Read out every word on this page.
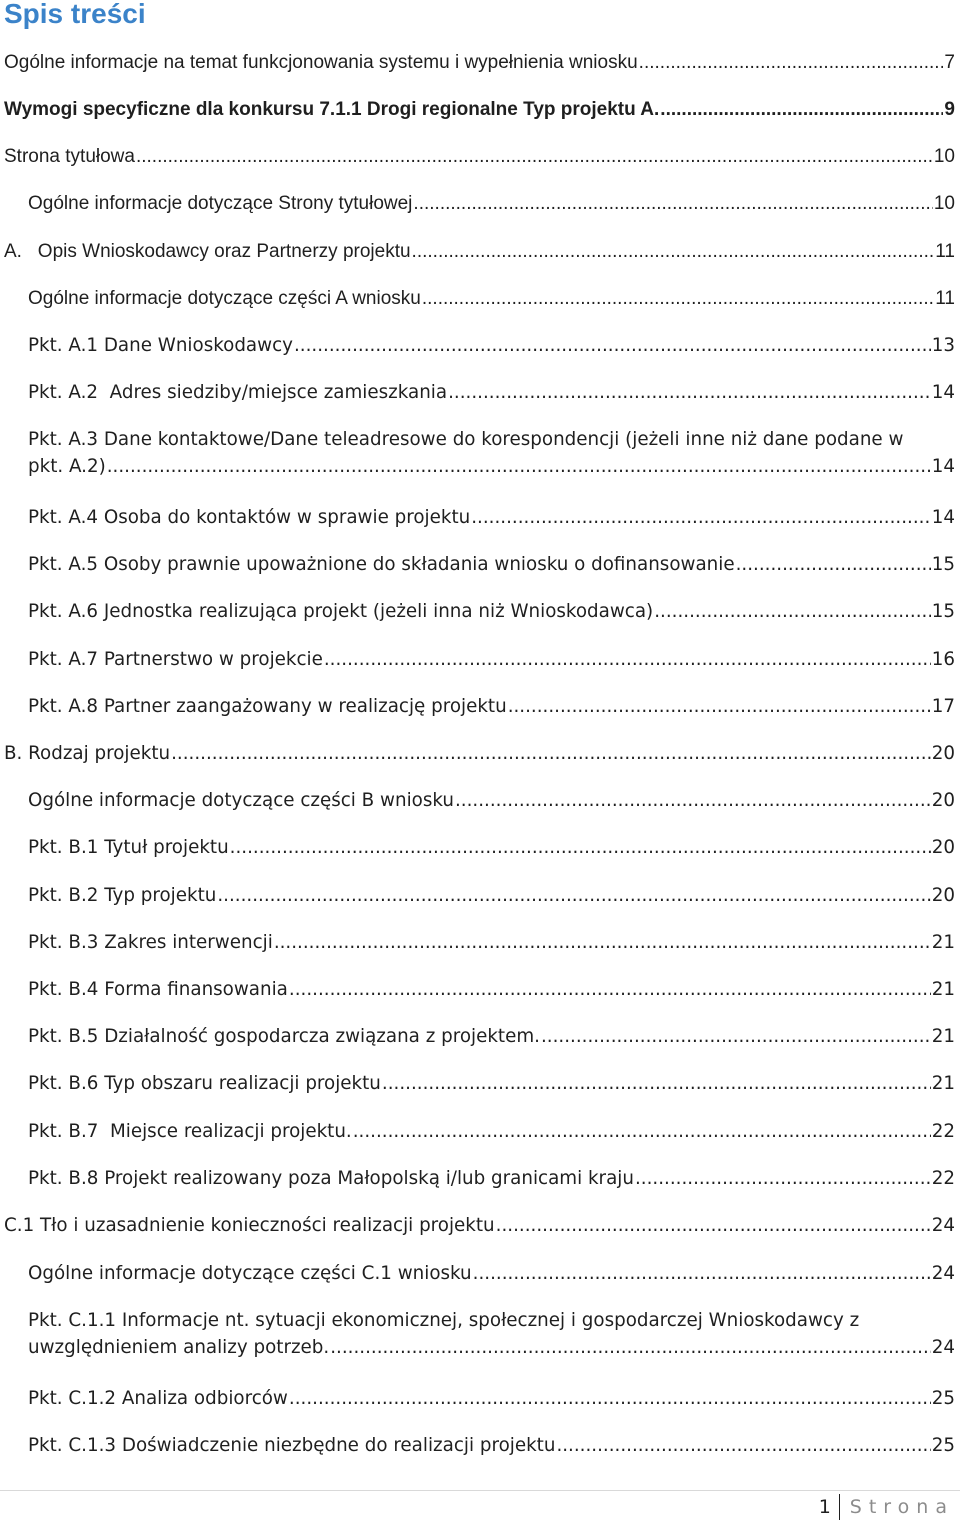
Spis treści
Ogólne informacje na temat funkcjonowania systemu i wypełnienia wniosku .....	7
Wymogi specyficzne dla konkursu 7.1.1 Drogi regionalne Typ projektu A. .....	9
Strona tytułowa .....	10
Ogólne informacje dotyczące Strony tytułowej .....	10
A.   Opis Wnioskodawcy oraz Partnerzy projektu .....	11
Ogólne informacje dotyczące części A wniosku .....	11
Pkt. A.1 Dane Wnioskodawcy .....	13
Pkt. A.2  Adres siedziby/miejsce zamieszkania .....	14
Pkt. A.3 Dane kontaktowe/Dane teleadresowe do korespondencji (jeżeli inne niż dane podane w
pkt. A.2) .....	14
Pkt. A.4 Osoba do kontaktów w sprawie projektu .....	14
Pkt. A.5 Osoby prawnie upoważnione do składania wniosku o dofinansowanie .....	15
Pkt. A.6 Jednostka realizująca projekt (jeżeli inna niż Wnioskodawca) .....	15
Pkt. A.7 Partnerstwo w projekcie .....	16
Pkt. A.8 Partner zaangażowany w realizację projektu .....	17
B. Rodzaj projektu .....	20
Ogólne informacje dotyczące części B wniosku .....	20
Pkt. B.1 Tytuł projektu .....	20
Pkt. B.2 Typ projektu .....	20
Pkt. B.3 Zakres interwencji .....	21
Pkt. B.4 Forma finansowania .....	21
Pkt. B.5 Działalność gospodarcza związana z projektem. .....	21
Pkt. B.6 Typ obszaru realizacji projektu .....	21
Pkt. B.7  Miejsce realizacji projektu. .....	22
Pkt. B.8 Projekt realizowany poza Małopolską i/lub granicami kraju .....	22
C.1 Tło i uzasadnienie konieczności realizacji projektu .....	24
Ogólne informacje dotyczące części C.1 wniosku .....	24
Pkt. C.1.1 Informacje nt. sytuacji ekonomicznej, społecznej i gospodarczej Wnioskodawcy z
uwzględnieniem analizy potrzeb. .....	24
Pkt. C.1.2 Analiza odbiorców .....	25
Pkt. C.1.3 Doświadczenie niezbędne do realizacji projektu .....	25
1 Strona
